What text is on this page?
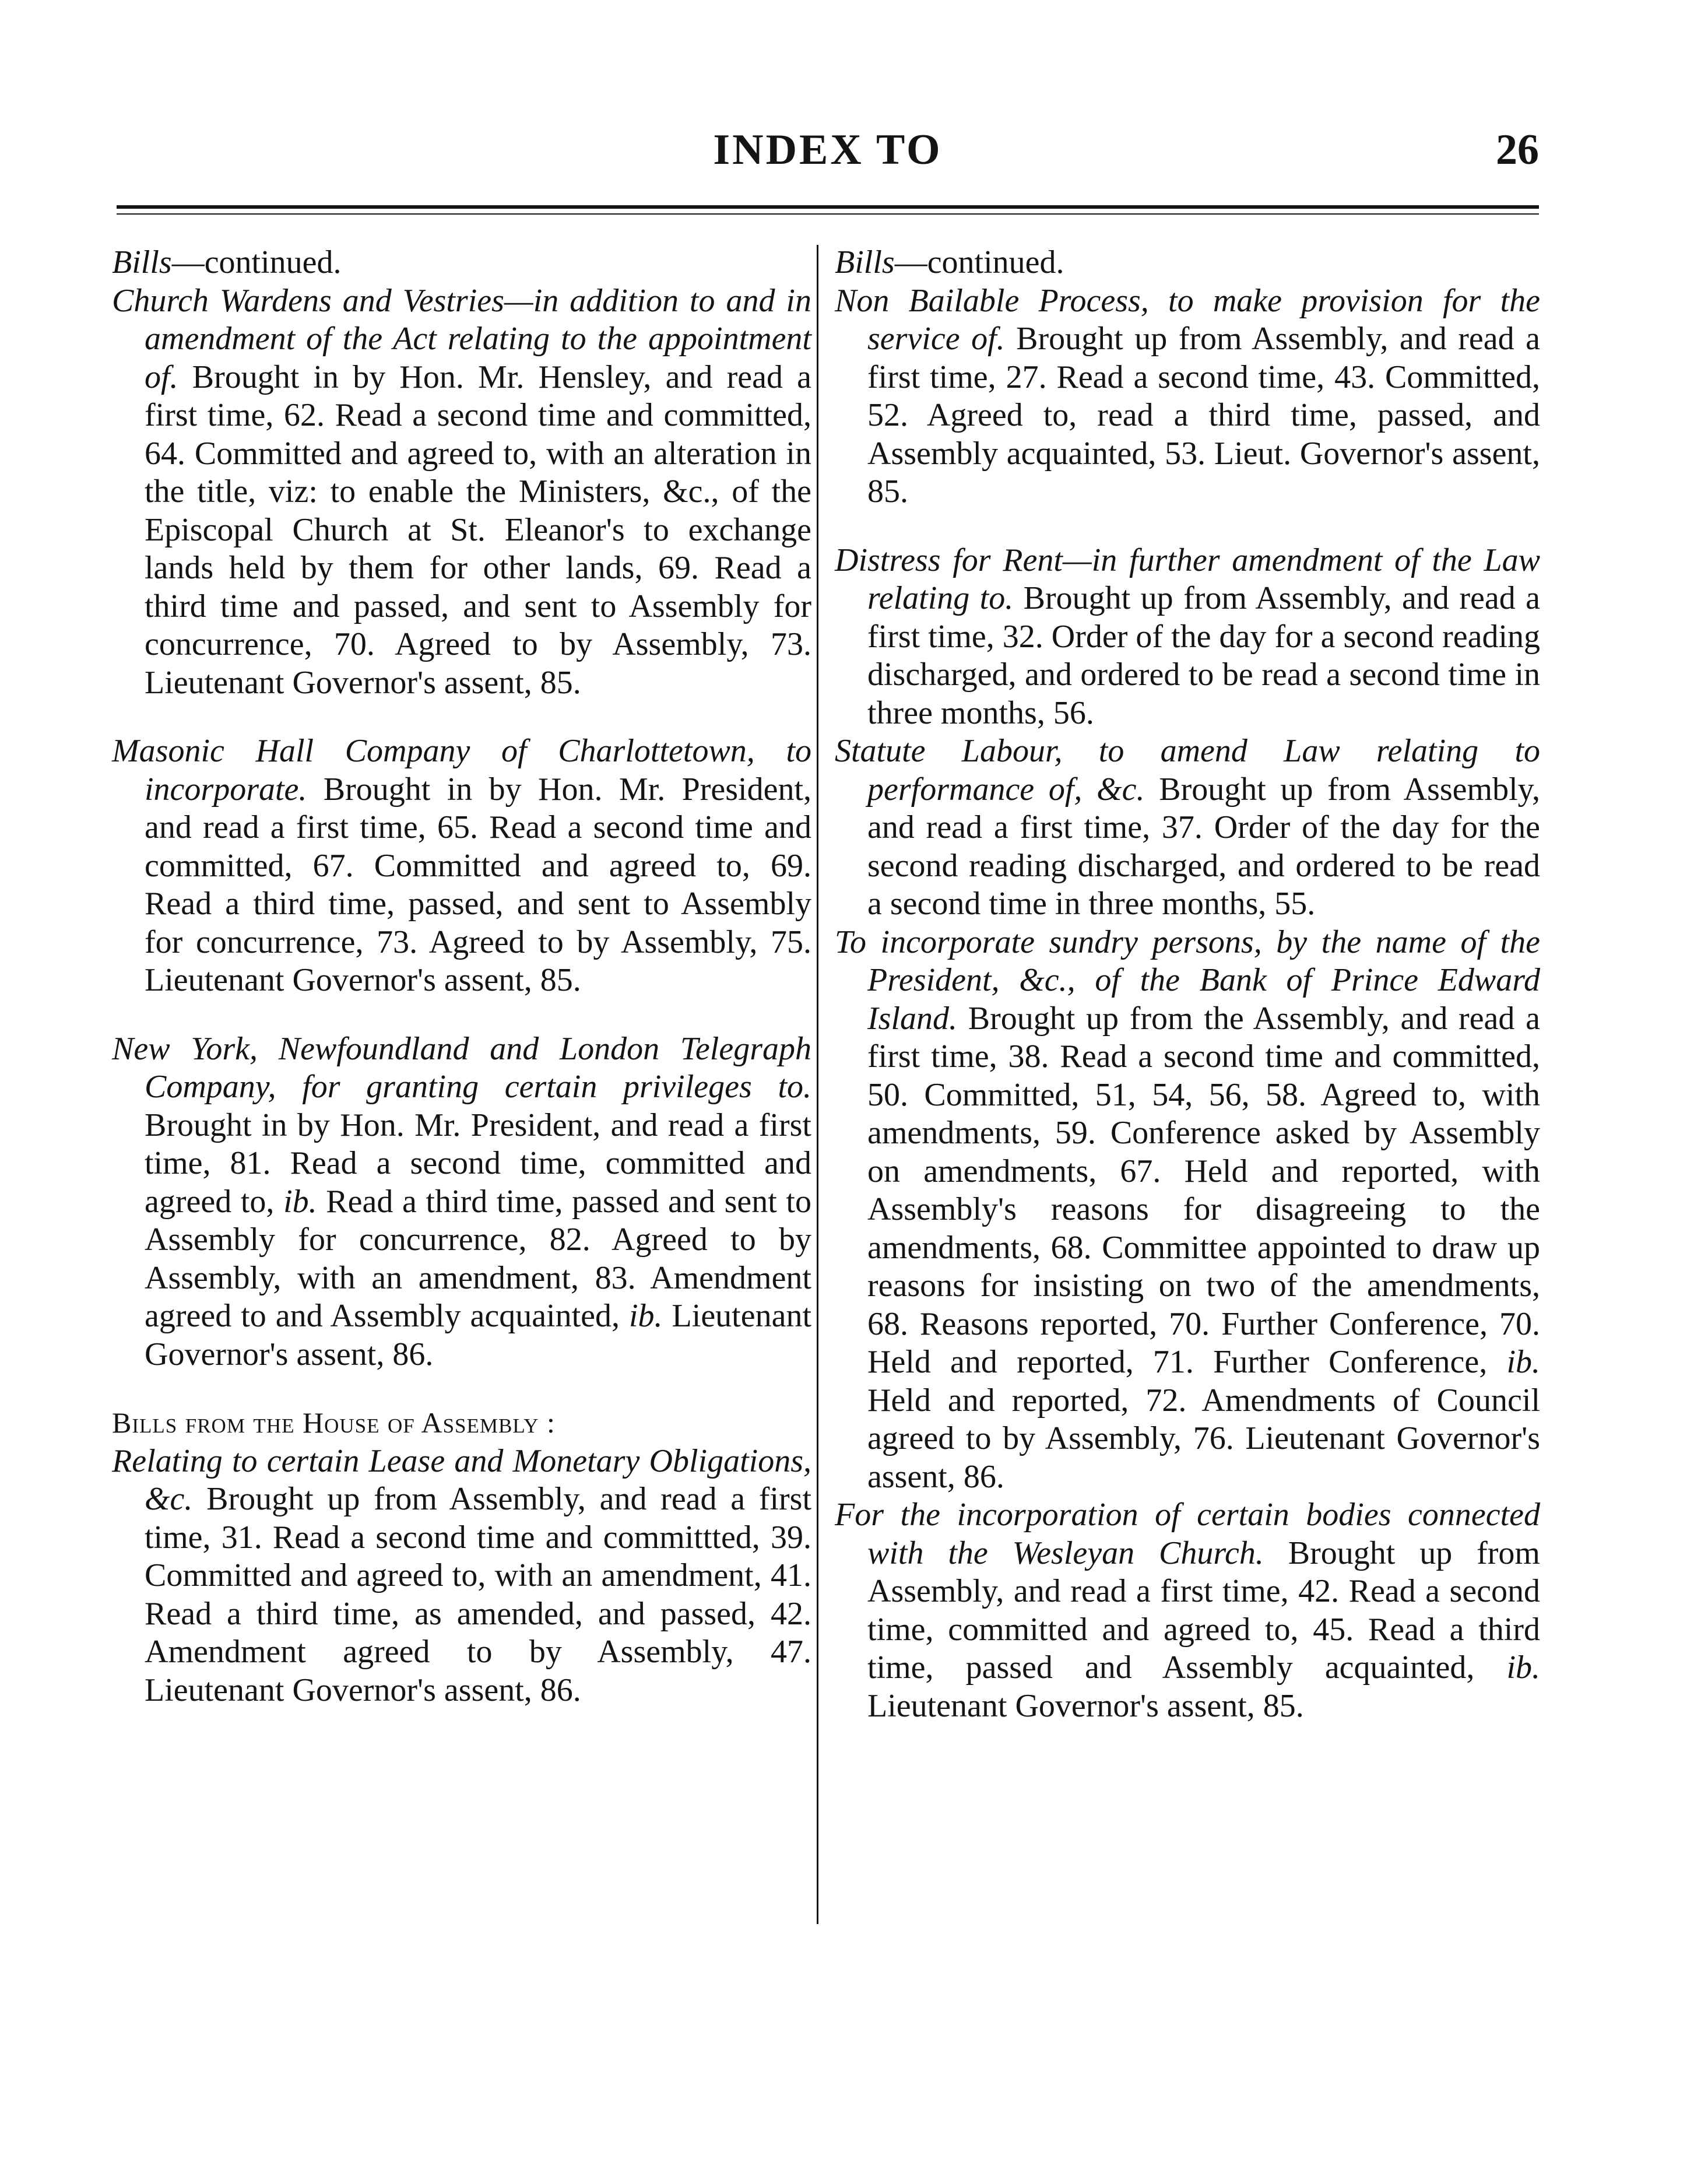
INDEX TO	26

Bills—continued.

Church Wardens and Vestries—in addition to and in amendment of the Act relating to the appointment of. Brought in by Hon. Mr. Hensley, and read a first time, 62. Read a second time and committed, 64. Committed and agreed to, with an alteration in the title, viz: to enable the Ministers, &c., of the Episcopal Church at St. Eleanor's to exchange lands held by them for other lands, 69. Read a third time and passed, and sent to Assembly for concurrence, 70. Agreed to by Assembly, 73. Lieutenant Governor's assent, 85.

Masonic Hall Company of Charlottetown, to incorporate. Brought in by Hon. Mr. President, and read a first time, 65. Read a second time and committed, 67. Committed and agreed to, 69. Read a third time, passed, and sent to Assembly for concurrence, 73. Agreed to by Assembly, 75. Lieutenant Governor's assent, 85.

New York, Newfoundland and London Telegraph Company, for granting certain privileges to. Brought in by Hon. Mr. President, and read a first time, 81. Read a second time, committed and agreed to, ib. Read a third time, passed and sent to Assembly for concurrence, 82. Agreed to by Assembly, with an amendment, 83. Amendment agreed to and Assembly acquainted, ib. Lieutenant Governor's assent, 86.

Bills from the House of Assembly :

Relating to certain Lease and Monetary Obligations, &c. Brought up from Assembly, and read a first time, 31. Read a second time and committted, 39. Committed and agreed to, with an amendment, 41. Read a third time, as amended, and passed, 42. Amendment agreed to by Assembly, 47. Lieutenant Governor's assent, 86.

Bills—continued.

Non Bailable Process, to make provision for the service of. Brought up from Assembly, and read a first time, 27. Read a second time, 43. Committed, 52. Agreed to, read a third time, passed, and Assembly acquainted, 53. Lieut. Governor's assent, 85.

Distress for Rent—in further amendment of the Law relating to. Brought up from Assembly, and read a first time, 32. Order of the day for a second reading discharged, and ordered to be read a second time in three months, 56.

Statute Labour, to amend Law relating to performance of, &c. Brought up from Assembly, and read a first time, 37. Order of the day for the second reading discharged, and ordered to be read a second time in three months, 55.

To incorporate sundry persons, by the name of the President, &c., of the Bank of Prince Edward Island. Brought up from the Assembly, and read a first time, 38. Read a second time and committed, 50. Committed, 51, 54, 56, 58. Agreed to, with amendments, 59. Conference asked by Assembly on amendments, 67. Held and reported, with Assembly's reasons for disagreeing to the amendments, 68. Committee appointed to draw up reasons for insisting on two of the amendments, 68. Reasons reported, 70. Further Conference, 70. Held and reported, 71. Further Conference, ib. Held and reported, 72. Amendments of Council agreed to by Assembly, 76. Lieutenant Governor's assent, 86.

For the incorporation of certain bodies connected with the Wesleyan Church. Brought up from Assembly, and read a first time, 42. Read a second time, committed and agreed to, 45. Read a third time, passed and Assembly acquainted, ib. Lieutenant Governor's assent, 85.
